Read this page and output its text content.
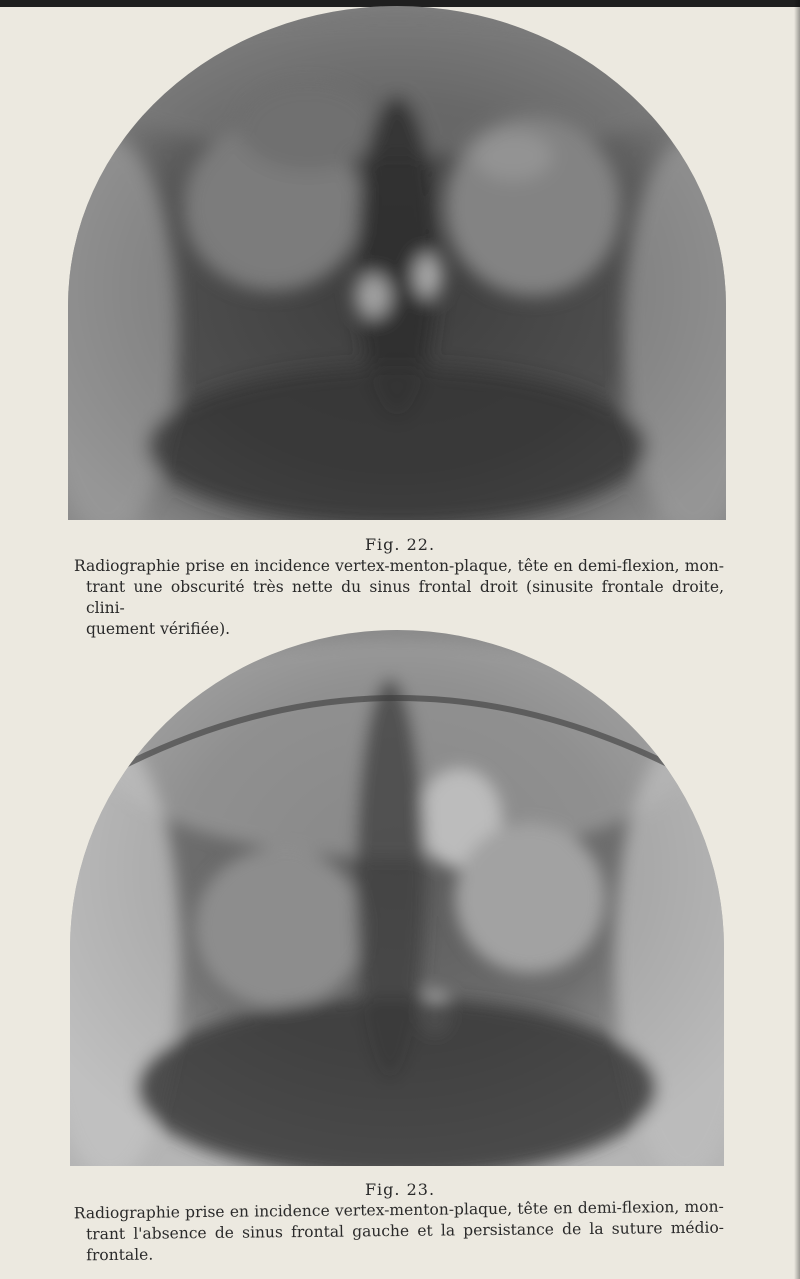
Fig. 22.
Radiographie prise en incidence vertex-menton-plaque, tête en demi-flexion, mon-
trant une obscurité très nette du sinus frontal droit (sinusite frontale droite, clini-
quement vérifiée).
Fig. 23.
Radiographie prise en incidence vertex-menton-plaque, tête en demi-flexion, mon-
trant l'absence de sinus frontal gauche et la persistance de la suture médio-frontale.
